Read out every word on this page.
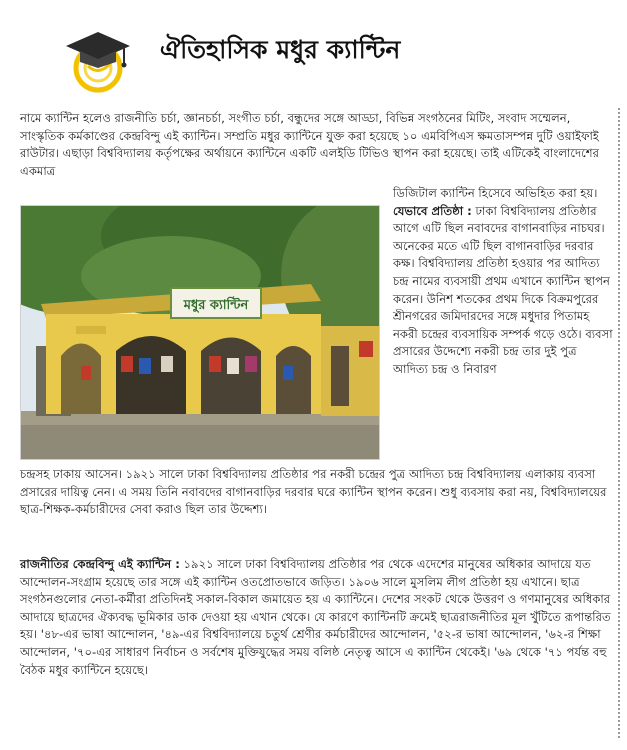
ঐতিহাসিক মধুর ক্যান্টিন

নামে ক্যান্টিন হলেও রাজনীতি চর্চা, জ্ঞানচর্চা, সংগীত চর্চা, বন্ধুদের সঙ্গে আড্ডা, বিভিন্ন সংগঠনের মিটিং, সংবাদ সম্মেলন, সাংস্কৃতিক কর্মকাণ্ডের কেন্দ্রবিন্দু এই ক্যান্টিন। সম্প্রতি মধুর ক্যান্টিনে যুক্ত করা হয়েছে ১০ এমবিপিএস ক্ষমতাসম্পন্ন দুটি ওয়াইফাই রাউটার। এছাড়া বিশ্ববিদ্যালয় কর্তৃপক্ষের অর্থায়নে ক্যান্টিনে একটি এলইডি টিভিও স্থাপন করা হয়েছে। তাই এটিকেই বাংলাদেশের একমাত্র

ডিজিটাল ক্যান্টিন হিসেবে অভিহিত করা হয়।

যেভাবে প্রতিষ্ঠা : ঢাকা বিশ্ববিদ্যালয় প্রতিষ্ঠার আগে এটি ছিল নবাবদের বাগানবাড়ির নাচঘর। অনেকের মতে এটি ছিল বাগানবাড়ির দরবার কক্ষ। বিশ্ববিদ্যালয় প্রতিষ্ঠা হওয়ার পর আদিত্য চন্দ্র নামের ব্যবসায়ী প্রথম এখানে ক্যান্টিন স্থাপন করেন। উনিশ শতকের প্রথম দিকে বিক্রমপুরের শ্রীনগরের জমিদারদের সঙ্গে মধুদার পিতামহ নকরী চন্দ্রের ব্যবসায়িক সম্পর্ক গড়ে ওঠে। ব্যবসা প্রসারের উদ্দেশ্যে নকরী চন্দ্র তার দুই পুত্র আদিত্য চন্দ্র ও নিবারণ

মধুর ক্যান্টিন

চন্দ্রসহ ঢাকায় আসেন। ১৯২১ সালে ঢাকা বিশ্ববিদ্যালয় প্রতিষ্ঠার পর নকরী চন্দ্রের পুত্র আদিত্য চন্দ্র বিশ্ববিদ্যালয় এলাকায় ব্যবসা প্রসারের দায়িত্ব নেন। এ সময় তিনি নবাবদের বাগানবাড়ির দরবার ঘরে ক্যান্টিন স্থাপন করেন। শুধু ব্যবসায় করা নয়, বিশ্ববিদ্যালয়ের ছাত্র-শিক্ষক-কর্মচারীদের সেবা করাও ছিল তার উদ্দেশ্য।

রাজনীতির কেন্দ্রবিন্দু এই ক্যান্টিন : ১৯২১ সালে ঢাকা বিশ্ববিদ্যালয় প্রতিষ্ঠার পর থেকে এদেশের মানুষের অধিকার আদায়ে যত আন্দোলন-সংগ্রাম হয়েছে তার সঙ্গে এই ক্যান্টিন ওতপ্রোতভাবে জড়িত। ১৯০৬ সালে মুসলিম লীগ প্রতিষ্ঠা হয় এখানে। ছাত্র সংগঠনগুলোর নেতা-কর্মীরা প্রতিদিনই সকাল-বিকাল জমায়েত হয় এ ক্যান্টিনে। দেশের সংকট থেকে উত্তরণ ও গণমানুষের অধিকার আদায়ে ছাত্রদের ঐক্যবদ্ধ ভূমিকার ডাক দেওয়া হয় এখান থেকে। যে কারণে ক্যান্টিনটি ক্রমেই ছাত্ররাজনীতির মূল খুঁটিতে রূপান্তরিত হয়। '৪৮-এর ভাষা আন্দোলন, '৪৯-এর বিশ্ববিদ্যালয়ে চতুর্থ শ্রেণীর কর্মচারীদের আন্দোলন, '৫২-র ভাষা আন্দোলন, '৬২-র শিক্ষা আন্দোলন, '৭০-এর সাধারণ নির্বাচন ও সর্বশেষ মুক্তিযুদ্ধের সময় বলিষ্ঠ নেতৃত্ব আসে এ ক্যান্টিন থেকেই। '৬৯ থেকে '৭১ পর্যন্ত বহু বৈঠক মধুর ক্যান্টিনে হয়েছে।
